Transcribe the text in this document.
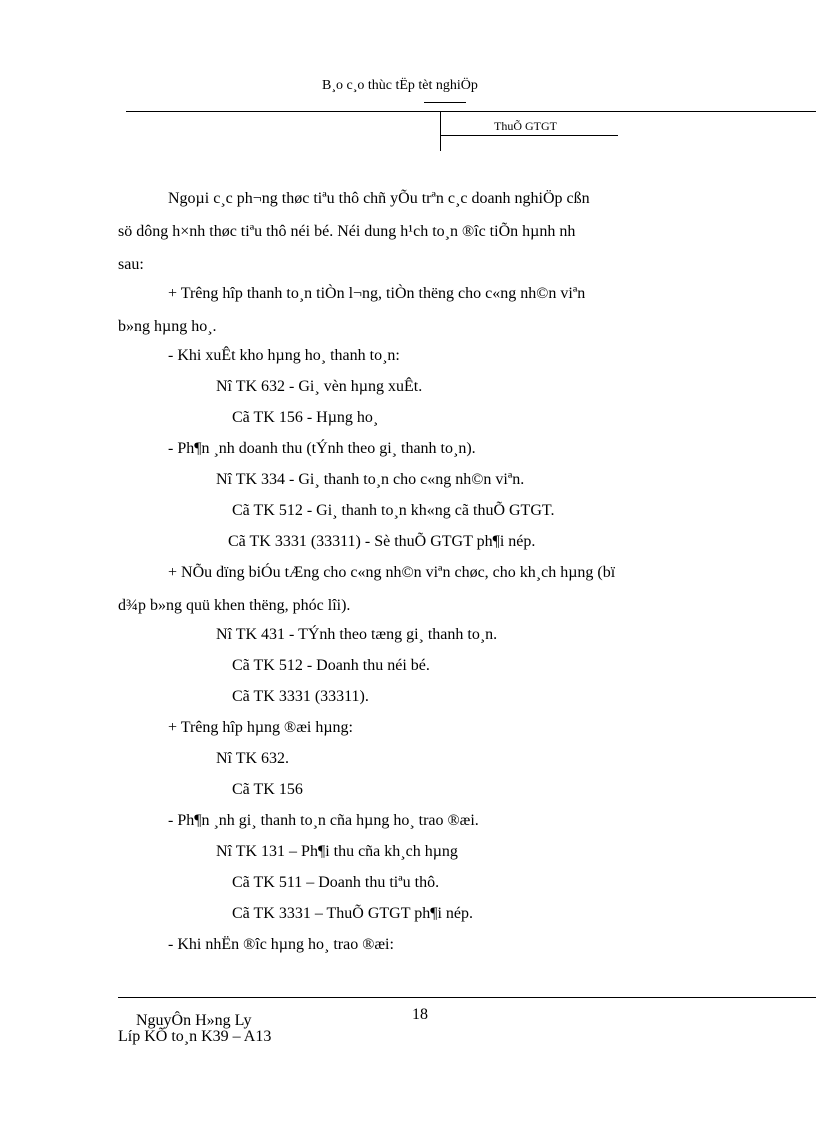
B¸o c¸o thùc tËp tèt nghiÖp
ThuÕ GTGT
Ngoµi c¸c ph¬ng thøc tiªu thô chñ yÕu trªn c¸c doanh nghiÖp cßn
sö dông h×nh thøc tiªu thô néi bé. Néi dung h¹ch to¸n ®îc tiÕn hµnh nh
sau:
+ Trêng hîp thanh to¸n tiÒn l¬ng, tiÒn thëng cho c«ng nh©n viªn
b»ng hµng ho¸.
- Khi xuÊt kho hµng ho¸ thanh to¸n:
Nî TK 632 - Gi¸ vèn hµng xuÊt.
Cã TK 156 - Hµng ho¸
- Ph¶n ¸nh doanh thu (tÝnh theo gi¸ thanh to¸n).
Nî TK 334 - Gi¸ thanh to¸n cho c«ng nh©n viªn.
Cã TK 512 - Gi¸ thanh to¸n kh«ng cã thuÕ GTGT.
Cã TK 3331 (33311) - Sè thuÕ GTGT ph¶i nép.
+ NÕu dïng biÓu tÆng cho c«ng nh©n viªn chøc, cho kh¸ch hµng (bï
d¾p b»ng quü khen thëng, phóc lîi).
Nî TK 431 - TÝnh theo tæng gi¸ thanh to¸n.
Cã TK 512 - Doanh thu néi bé.
Cã TK 3331 (33311).
+ Trêng hîp hµng ®æi hµng:
Nî TK 632.
Cã TK 156
- Ph¶n ¸nh gi¸ thanh to¸n cña hµng ho¸ trao ®æi.
Nî TK 131 – Ph¶i thu cña kh¸ch hµng
Cã TK 511 – Doanh thu tiªu thô.
Cã TK 3331 – ThuÕ GTGT ph¶i nép.
- Khi nhËn ®îc hµng ho¸ trao ®æi:
18
NguyÔn H»ng Ly
Líp KÕ to¸n K39 – A13
